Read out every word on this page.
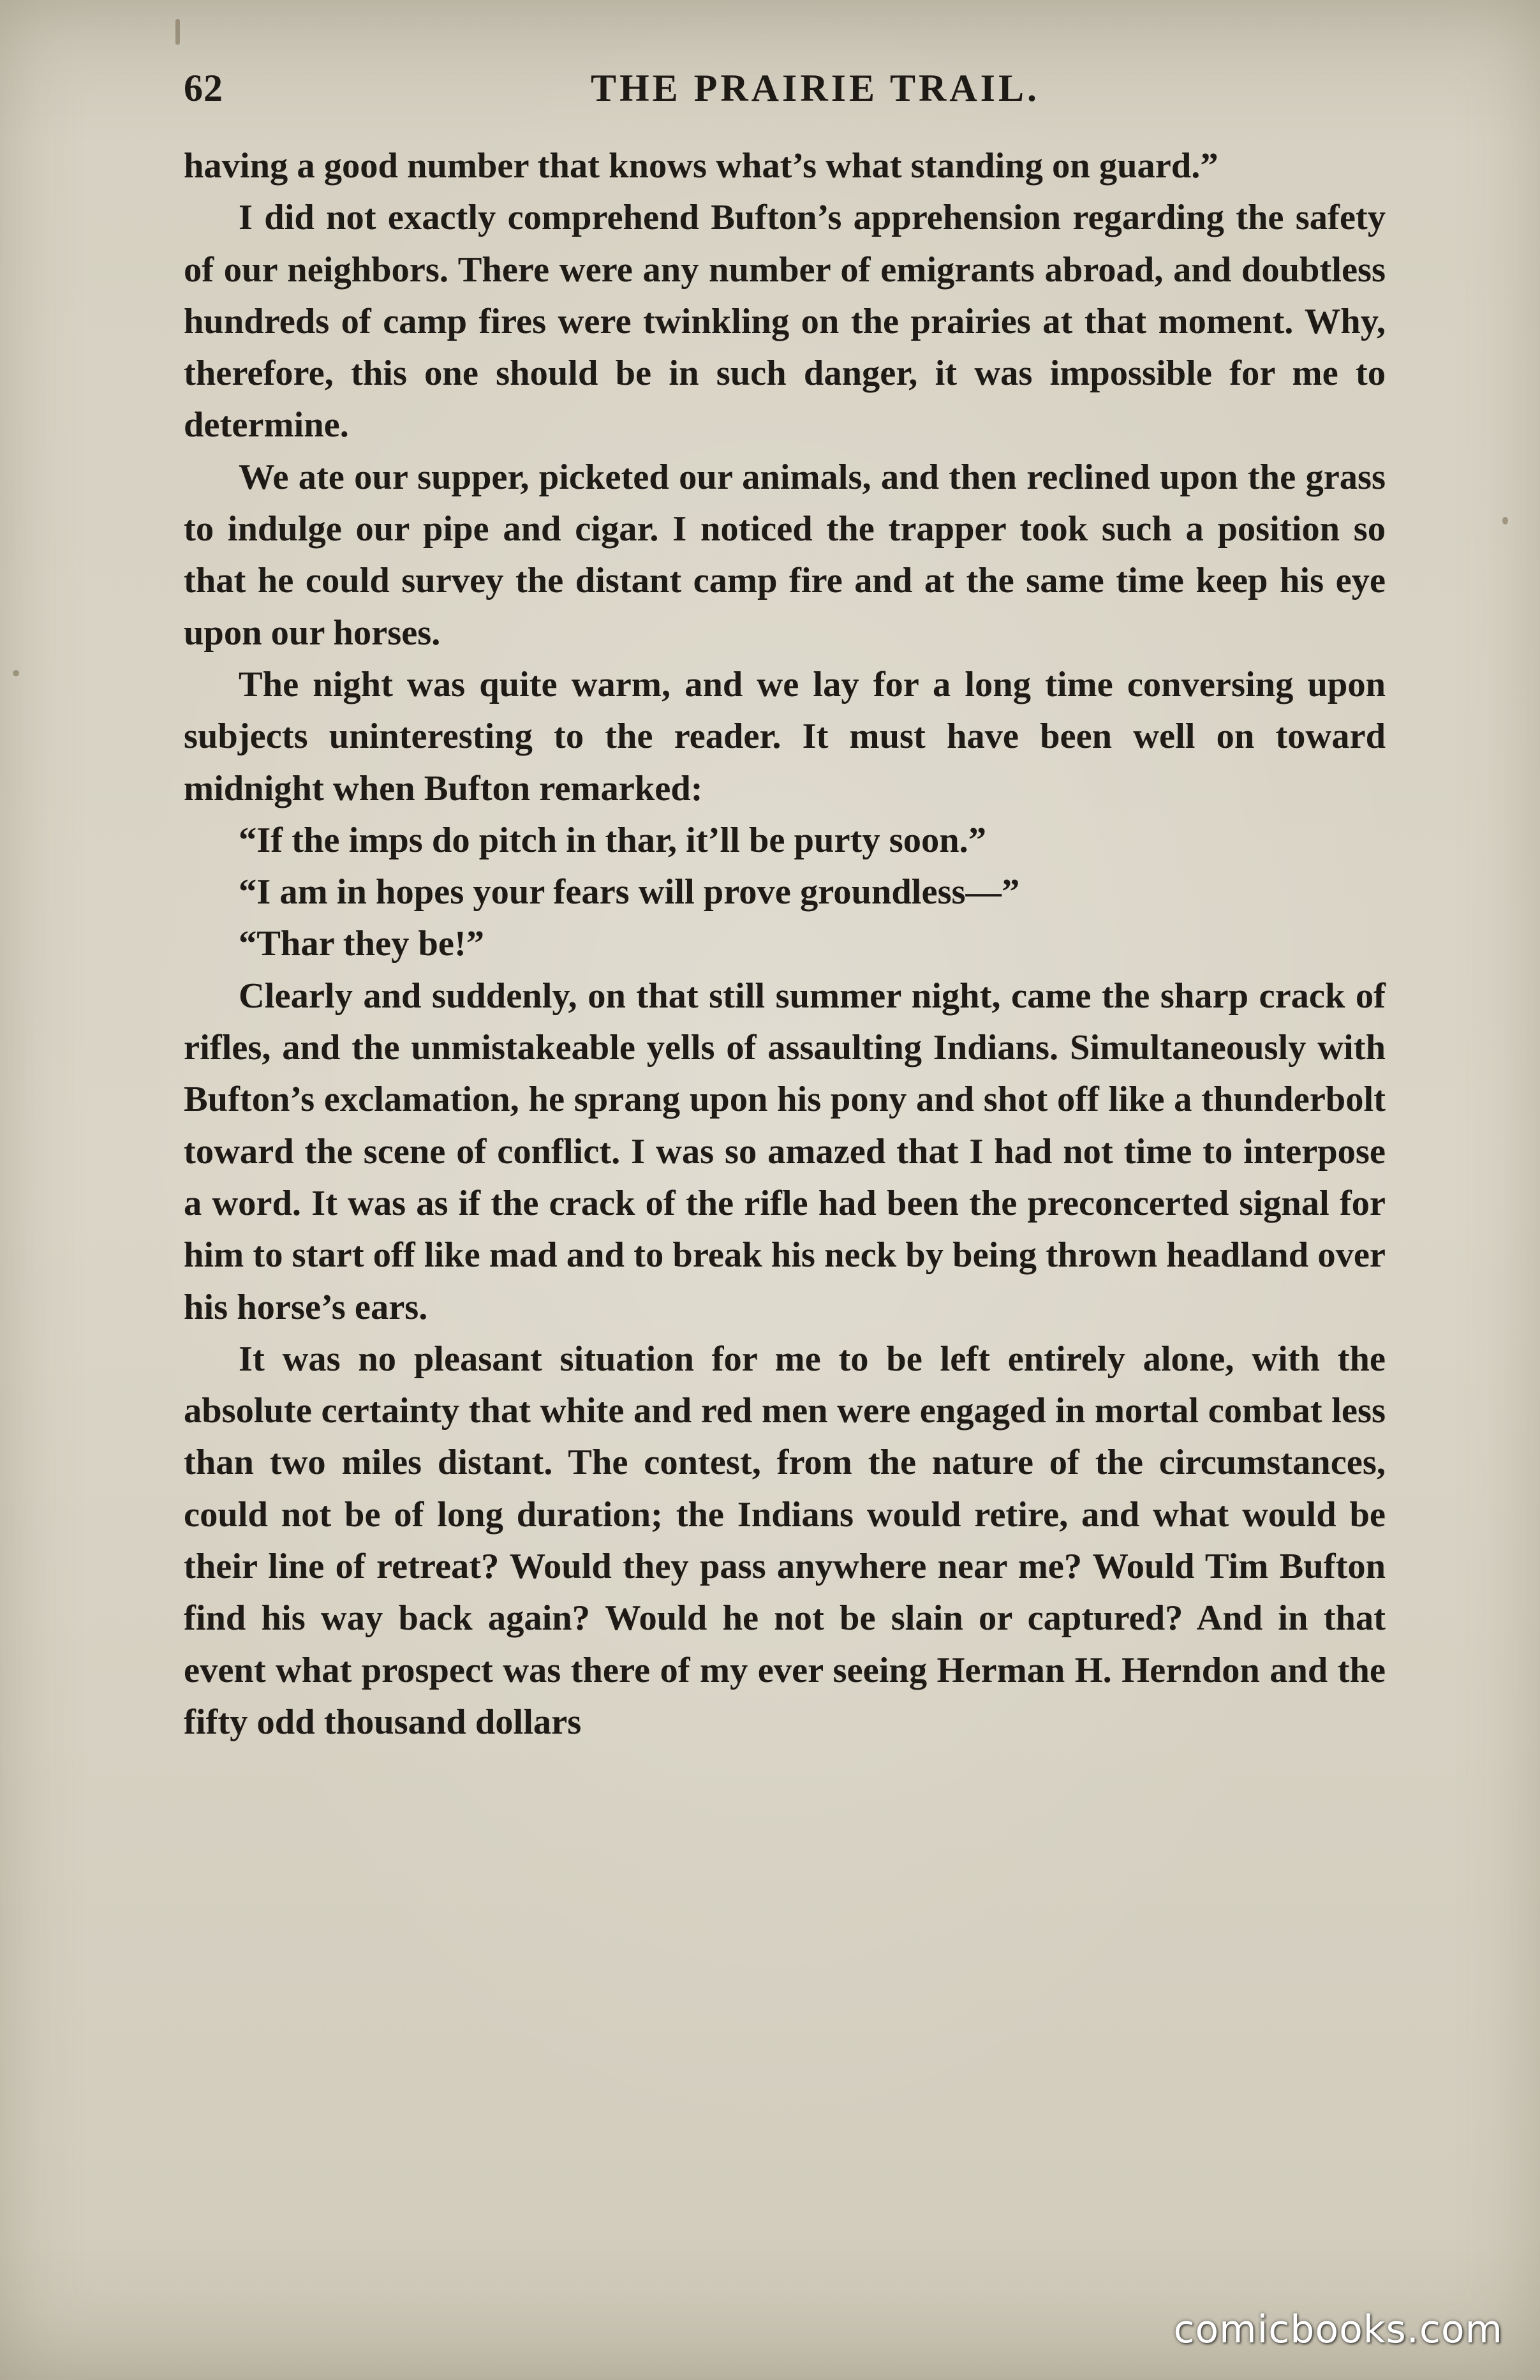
62	THE PRAIRIE TRAIL.

having a good number that knows what’s what standing on guard.”

I did not exactly comprehend Bufton’s apprehension regarding the safety of our neighbors. There were any number of emigrants abroad, and doubtless hundreds of camp fires were twinkling on the prairies at that moment. Why, therefore, this one should be in such danger, it was impossible for me to determine.

We ate our supper, picketed our animals, and then reclined upon the grass to indulge our pipe and cigar. I noticed the trapper took such a position so that he could survey the distant camp fire and at the same time keep his eye upon our horses.

The night was quite warm, and we lay for a long time conversing upon subjects uninteresting to the reader. It must have been well on toward midnight when Bufton remarked:

“If the imps do pitch in thar, it’ll be purty soon.”

“I am in hopes your fears will prove groundless—”

“Thar they be!”

Clearly and suddenly, on that still summer night, came the sharp crack of rifles, and the unmistakeable yells of assaulting Indians. Simultaneously with Bufton’s exclamation, he sprang upon his pony and shot off like a thunderbolt toward the scene of conflict. I was so amazed that I had not time to interpose a word. It was as if the crack of the rifle had been the preconcerted signal for him to start off like mad and to break his neck by being thrown headland over his horse’s ears.

It was no pleasant situation for me to be left entirely alone, with the absolute certainty that white and red men were engaged in mortal combat less than two miles distant. The contest, from the nature of the circumstances, could not be of long duration; the Indians would retire, and what would be their line of retreat? Would they pass anywhere near me? Would Tim Bufton find his way back again? Would he not be slain or captured? And in that event what prospect was there of my ever seeing Herman H. Herndon and the fifty odd thousand dollars

comicbooks.com
